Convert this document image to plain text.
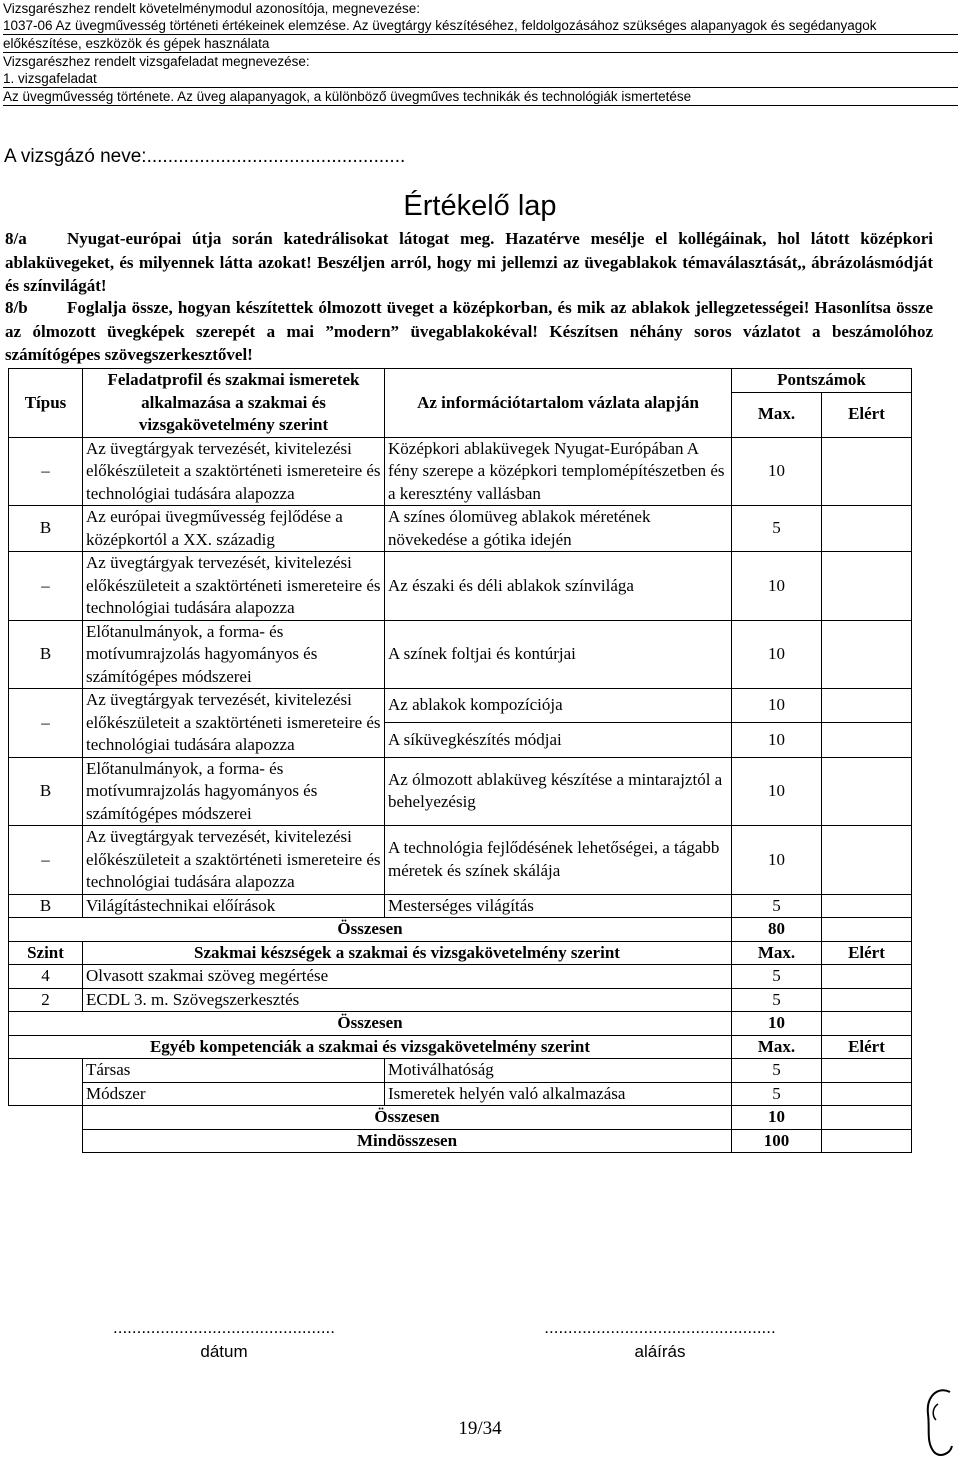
Vizsgarészhez rendelt követelménymodul azonosítója, megnevezése:
1037-06 Az üvegművesség történeti értékeinek elemzése. Az üvegtárgy készítéséhez, feldolgozásához szükséges alapanyagok és segédanyagok
előkészítése, eszközök és gépek használata
Vizsgarészhez rendelt vizsgafeladat megnevezése:
1. vizsgafeladat
Az üvegművesség története. Az üveg alapanyagok, a különböző üvegműves technikák és technológiák ismertetése
A vizsgázó neve:.................................................
Értékelő lap
8/a Nyugat-európai útja során katedrálisokat látogat meg. Hazatérve mesélje el kollégáinak, hol látott középkori ablaküvegeket, és milyennek látta azokat! Beszéljen arról, hogy mi jellemzi az üvegablakok témaválasztását,, ábrázolásmódját és színvilágát!
8/b Foglalja össze, hogyan készítettek ólmozott üveget a középkorban, és mik az ablakok jellegzetességei! Hasonlítsa össze az ólmozott üvegképek szerepét a mai ”modern” üvegablakokéval! Készítsen néhány soros vázlatot a beszámolóhoz számítógépes szövegszerkesztővel!
Típus	Feladatprofil és szakmai ismeretek alkalmazása a szakmai és vizsgakövetelmény szerint	Az információtartalom vázlata alapján	Pontszámok	
			Max.	Elért
–	Az üvegtárgyak tervezését, kivitelezési előkészületeit a szaktörténeti ismereteire és technológiai tudására alapozza	Középkori ablaküvegek Nyugat-Európában A fény szerepe a középkori templomépítészetben és a keresztény vallásban	10	
B	Az európai üvegművesség fejlődése a középkortól a XX. századig	A színes ólomüveg ablakok méretének növekedése a gótika idején	5	
–	Az üvegtárgyak tervezését, kivitelezési előkészületeit a szaktörténeti ismereteire és technológiai tudására alapozza	Az északi és déli ablakok színvilága	10	
B	Előtanulmányok, a forma- és motívumrajzolás hagyományos és számítógépes módszerei	A színek foltjai és kontúrjai	10	
–	Az üvegtárgyak tervezését, kivitelezési előkészületeit a szaktörténeti ismereteire és technológiai tudására alapozza	Az ablakok kompozíciója	10	
		A síküvegkészítés módjai	10	
B	Előtanulmányok, a forma- és motívumrajzolás hagyományos és számítógépes módszerei	Az ólmozott ablaküveg készítése a mintarajztól a behelyezésig	10	
–	Az üvegtárgyak tervezését, kivitelezési előkészületeit a szaktörténeti ismereteire és technológiai tudására alapozza	A technológia fejlődésének lehetőségei, a tágabb méretek és színek skálája	10	
B	Világítástechnikai előírások	Mesterséges világítás	5	
Összesen			80	
Szint	Szakmai készségek a szakmai és vizsgakövetelmény szerint		Max.	Elért
4	Olvasott szakmai szöveg megértése		5	
2	ECDL 3. m. Szövegszerkesztés		5	
Összesen			10	
Egyéb kompetenciák a szakmai és vizsgakövetelmény szerint			Max.	Elért
	Társas	Motiválhatóság	5	
	Módszer	Ismeretek helyén való alkalmazása	5	
	Összesen		10	
	Mindösszesen		100	
...............................................
dátum
.................................................
aláírás
19/34
